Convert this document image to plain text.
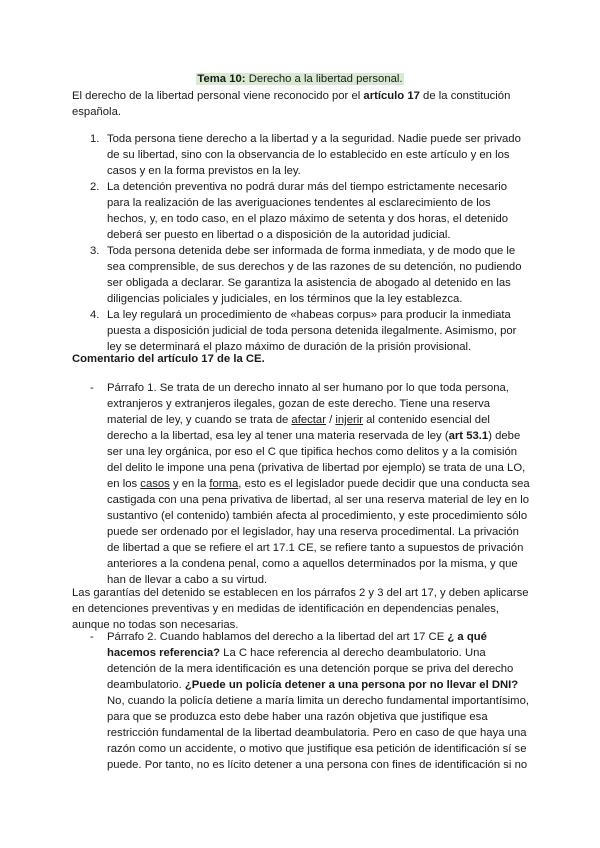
Tema 10: Derecho a la libertad personal.
El derecho de la libertad personal viene reconocido por el artículo 17 de la constitución española.
1. Toda persona tiene derecho a la libertad y a la seguridad. Nadie puede ser privado de su libertad, sino con la observancia de lo establecido en este artículo y en los casos y en la forma previstos en la ley.
2. La detención preventiva no podrá durar más del tiempo estrictamente necesario para la realización de las averiguaciones tendentes al esclarecimiento de los hechos, y, en todo caso, en el plazo máximo de setenta y dos horas, el detenido deberá ser puesto en libertad o a disposición de la autoridad judicial.
3. Toda persona detenida debe ser informada de forma inmediata, y de modo que le sea comprensible, de sus derechos y de las razones de su detención, no pudiendo ser obligada a declarar. Se garantiza la asistencia de abogado al detenido en las diligencias policiales y judiciales, en los términos que la ley establezca.
4. La ley regulará un procedimiento de «habeas corpus» para producir la inmediata puesta a disposición judicial de toda persona detenida ilegalmente. Asimismo, por ley se determinará el plazo máximo de duración de la prisión provisional.
Comentario del artículo 17 de la CE.
- Párrafo 1. Se trata de un derecho innato al ser humano por lo que toda persona, extranjeros y extranjeros ilegales, gozan de este derecho. Tiene una reserva material de ley, y cuando se trata de afectar / injerir al contenido esencial del derecho a la libertad, esa ley al tener una materia reservada de ley (art 53.1) debe ser una ley orgánica, por eso el C que tipifica hechos como delitos y a la comisión del delito le impone una pena (privativa de libertad por ejemplo) se trata de una LO, en los casos y en la forma, esto es el legislador puede decidir que una conducta sea castigada con una pena privativa de libertad, al ser una reserva material de ley en lo sustantivo (el contenido) también afecta al procedimiento, y este procedimiento sólo puede ser ordenado por el legislador, hay una reserva procedimental. La privación de libertad a que se refiere el art 17.1 CE, se refiere tanto a supuestos de privación anteriores a la condena penal, como a aquellos determinados por la misma, y que han de llevar a cabo a su virtud.
Las garantías del detenido se establecen en los párrafos 2 y 3 del art 17, y deben aplicarse en detenciones preventivas y en medidas de identificación en dependencias penales, aunque no todas son necesarias.
- Párrafo 2. Cuando hablamos del derecho a la libertad del art 17 CE ¿ a qué hacemos referencia? La C hace referencia al derecho deambulatorio. Una detención de la mera identificación es una detención porque se priva del derecho deambulatorio. ¿Puede un policía detener a una persona por no llevar el DNI? No, cuando la policía detiene a maría limita un derecho fundamental importantísimo, para que se produzca esto debe haber una razón objetiva que justifique esa restricción fundamental de la libertad deambulatoria. Pero en caso de que haya una razón como un accidente, o motivo que justifique esa petición de identificación sí se puede. Por tanto, no es lícito detener a una persona con fines de identificación si no
